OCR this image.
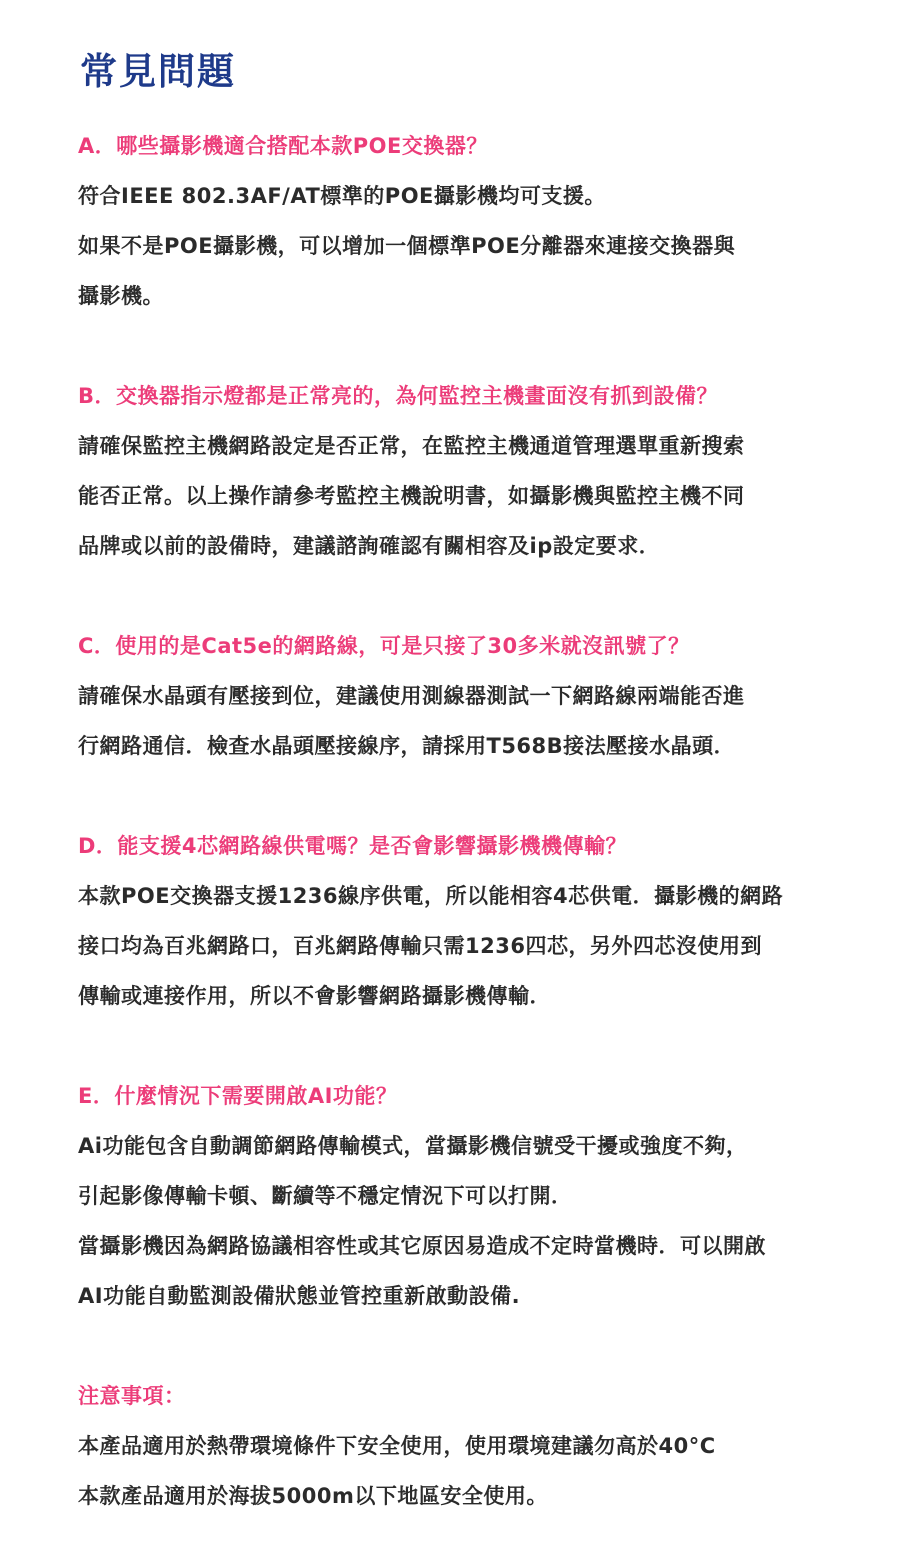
常見問題
A．哪些攝影機適合搭配本款POE交換器？
符合IEEE 802.3AF/AT標準的POE攝影機均可支援。
如果不是POE攝影機，可以增加一個標準POE分離器來連接交換器與
攝影機。
B．交換器指示燈都是正常亮的，為何監控主機畫面沒有抓到設備？
請確保監控主機網路設定是否正常，在監控主機通道管理選單重新搜索
能否正常。以上操作請參考監控主機說明書，如攝影機與監控主機不同
品牌或以前的設備時，建議諮詢確認有關相容及ip設定要求．
C．使用的是Cat5e的網路線，可是只接了30多米就沒訊號了？
請確保水晶頭有壓接到位，建議使用測線器測試一下網路線兩端能否進
行網路通信．檢查水晶頭壓接線序，請採用T568B接法壓接水晶頭．
D．能支援4芯網路線供電嗎？是否會影響攝影機機傳輸？
本款POE交換器支援1236線序供電，所以能相容4芯供電．攝影機的網路
接口均為百兆網路口，百兆網路傳輸只需1236四芯，另外四芯沒使用到
傳輸或連接作用，所以不會影響網路攝影機傳輸．
E．什麼情況下需要開啟AI功能？
Ai功能包含自動調節網路傳輸模式，當攝影機信號受干擾或強度不夠，
引起影像傳輸卡頓、斷續等不穩定情況下可以打開．
當攝影機因為網路協議相容性或其它原因易造成不定時當機時．可以開啟
AI功能自動監測設備狀態並管控重新啟動設備.
注意事項：
本產品適用於熱帶環境條件下安全使用，使用環境建議勿高於40°C
本款產品適用於海拔5000m以下地區安全使用。
